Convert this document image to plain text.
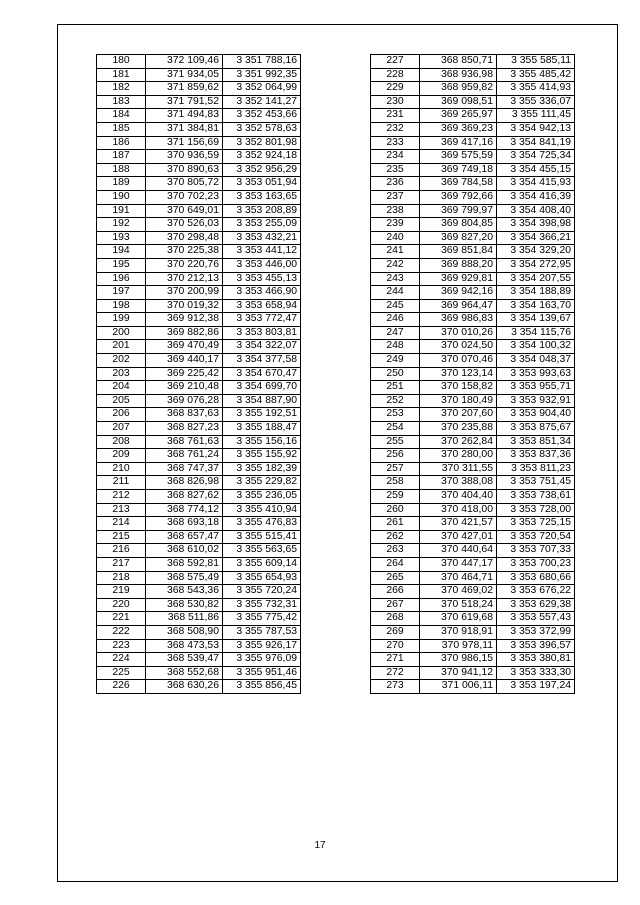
180	372 109,46	3 351 788,16
181	371 934,05	3 351 992,35
182	371 859,62	3 352 064,99
183	371 791,52	3 352 141,27
184	371 494,83	3 352 453,66
185	371 384,81	3 352 578,63
186	371 156,69	3 352 801,98
187	370 936,59	3 352 924,18
188	370 890,63	3 352 956,29
189	370 805,72	3 353 051,94
190	370 702,23	3 353 163,65
191	370 649,01	3 353 208,89
192	370 526,03	3 353 255,09
193	370 298,48	3 353 432,21
194	370 225,38	3 353 441,12
195	370 220,76	3 353 446,00
196	370 212,13	3 353 455,13
197	370 200,99	3 353 466,90
198	370 019,32	3 353 658,94
199	369 912,38	3 353 772,47
200	369 882,86	3 353 803,81
201	369 470,49	3 354 322,07
202	369 440,17	3 354 377,58
203	369 225,42	3 354 670,47
204	369 210,48	3 354 699,70
205	369 076,28	3 354 887,90
206	368 837,63	3 355 192,51
207	368 827,23	3 355 188,47
208	368 761,63	3 355 156,16
209	368 761,24	3 355 155,92
210	368 747,37	3 355 182,39
211	368 826,98	3 355 229,82
212	368 827,62	3 355 236,05
213	368 774,12	3 355 410,94
214	368 693,18	3 355 476,83
215	368 657,47	3 355 515,41
216	368 610,02	3 355 563,65
217	368 592,81	3 355 609,14
218	368 575,49	3 355 654,93
219	368 543,36	3 355 720,24
220	368 530,82	3 355 732,31
221	368 511,86	3 355 775,42
222	368 508,90	3 355 787,53
223	368 473,53	3 355 926,17
224	368 539,47	3 355 976,09
225	368 552,68	3 355 951,46
226	368 630,26	3 355 856,45
227	368 850,71	3 355 585,11
228	368 936,98	3 355 485,42
229	368 959,82	3 355 414,93
230	369 098,51	3 355 336,07
231	369 265,97	3 355 111,45
232	369 369,23	3 354 942,13
233	369 417,16	3 354 841,19
234	369 575,59	3 354 725,34
235	369 749,18	3 354 455,15
236	369 784,58	3 354 415,93
237	369 792,66	3 354 416,39
238	369 799,97	3 354 408,40
239	369 804,85	3 354 398,98
240	369 827,20	3 354 366,21
241	369 851,84	3 354 329,20
242	369 888,20	3 354 272,95
243	369 929,81	3 354 207,55
244	369 942,16	3 354 188,89
245	369 964,47	3 354 163,70
246	369 986,83	3 354 139,67
247	370 010,26	3 354 115,76
248	370 024,50	3 354 100,32
249	370 070,46	3 354 048,37
250	370 123,14	3 353 993,63
251	370 158,82	3 353 955,71
252	370 180,49	3 353 932,91
253	370 207,60	3 353 904,40
254	370 235,88	3 353 875,67
255	370 262,84	3 353 851,34
256	370 280,00	3 353 837,36
257	370 311,55	3 353 811,23
258	370 388,08	3 353 751,45
259	370 404,40	3 353 738,61
260	370 418,00	3 353 728,00
261	370 421,57	3 353 725,15
262	370 427,01	3 353 720,54
263	370 440,64	3 353 707,33
264	370 447,17	3 353 700,23
265	370 464,71	3 353 680,66
266	370 469,02	3 353 676,22
267	370 518,24	3 353 629,38
268	370 619,68	3 353 557,43
269	370 918,91	3 353 372,99
270	370 978,11	3 353 396,57
271	370 986,15	3 353 380,81
272	370 941,12	3 353 333,30
273	371 006,11	3 353 197,24
17
